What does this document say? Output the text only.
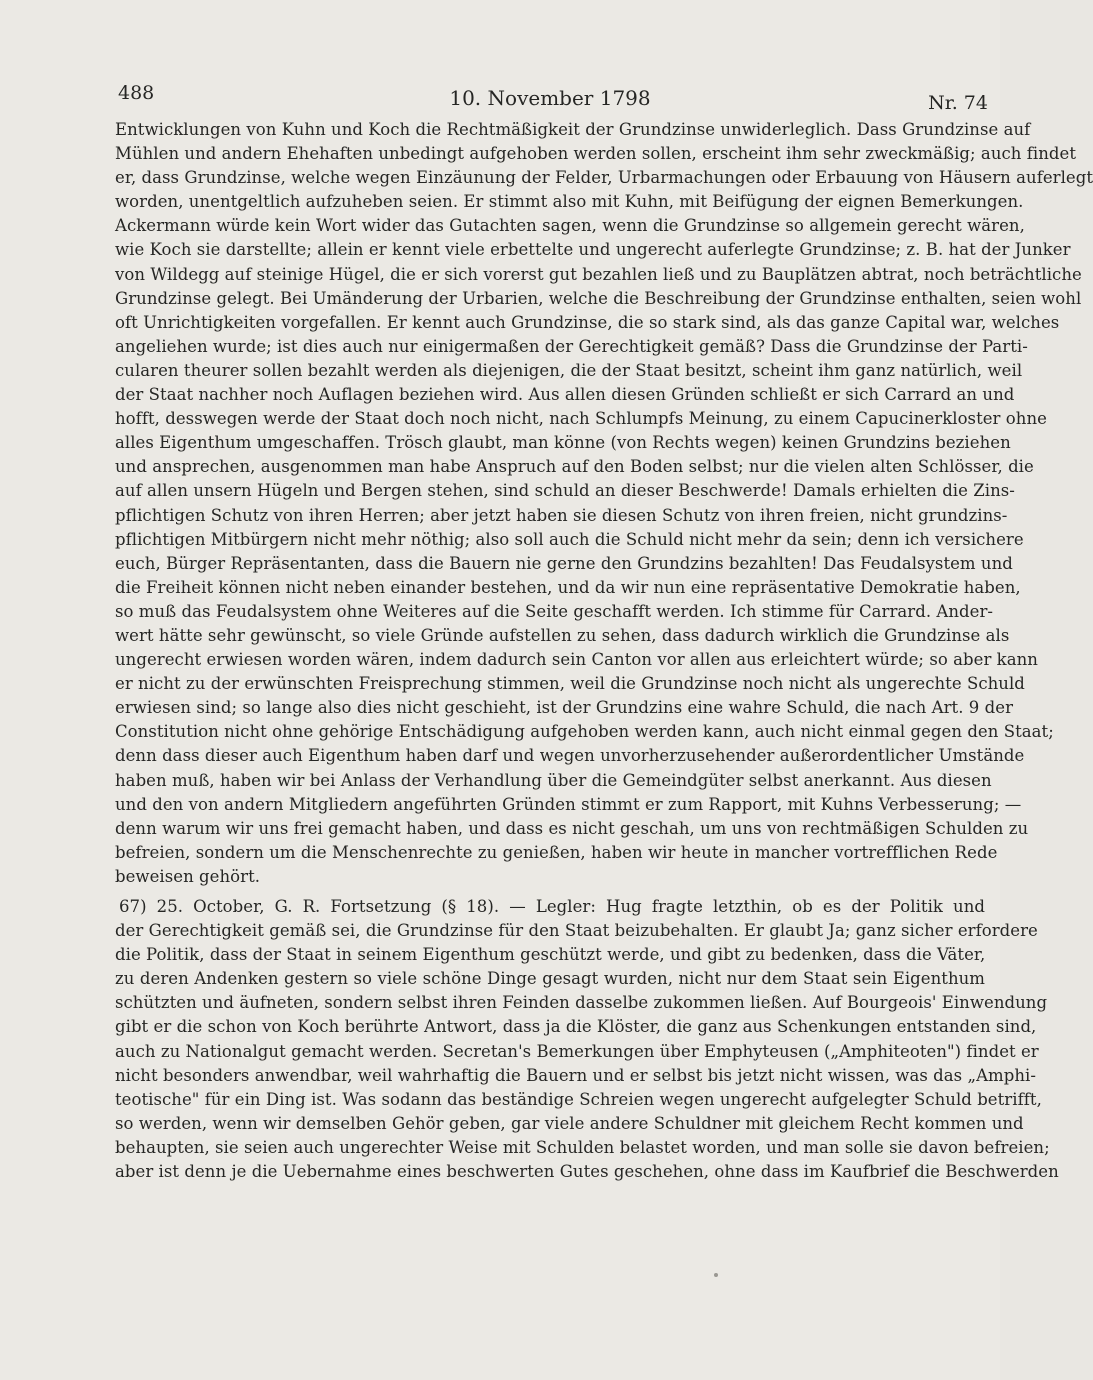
488	10. November 1798	Nr. 74
Entwicklungen von Kuhn und Koch die Rechtmäßigkeit der Grundzinse unwiderleglich. Dass Grundzinse auf
Mühlen und andern Ehehaften unbedingt aufgehoben werden sollen, erscheint ihm sehr zweckmäßig; auch findet
er, dass Grundzinse, welche wegen Einzäunung der Felder, Urbarmachungen oder Erbauung von Häusern auferlegt
worden, unentgeltlich aufzuheben seien. Er stimmt also mit Kuhn, mit Beifügung der eignen Bemerkungen.
Ackermann würde kein Wort wider das Gutachten sagen, wenn die Grundzinse so allgemein gerecht wären,
wie Koch sie darstellte; allein er kennt viele erbettelte und ungerecht auferlegte Grundzinse; z. B. hat der Junker
von Wildegg auf steinige Hügel, die er sich vorerst gut bezahlen ließ und zu Bauplätzen abtrat, noch beträchtliche
Grundzinse gelegt. Bei Umänderung der Urbarien, welche die Beschreibung der Grundzinse enthalten, seien wohl
oft Unrichtigkeiten vorgefallen. Er kennt auch Grundzinse, die so stark sind, als das ganze Capital war, welches
angeliehen wurde; ist dies auch nur einigermaßen der Gerechtigkeit gemäß? Dass die Grundzinse der Parti-
cularen theurer sollen bezahlt werden als diejenigen, die der Staat besitzt, scheint ihm ganz natürlich, weil
der Staat nachher noch Auflagen beziehen wird. Aus allen diesen Gründen schließt er sich Carrard an und
hofft, desswegen werde der Staat doch noch nicht, nach Schlumpfs Meinung, zu einem Capucinerkloster ohne
alles Eigenthum umgeschaffen. Trösch glaubt, man könne (von Rechts wegen) keinen Grundzins beziehen
und ansprechen, ausgenommen man habe Anspruch auf den Boden selbst; nur die vielen alten Schlösser, die
auf allen unsern Hügeln und Bergen stehen, sind schuld an dieser Beschwerde! Damals erhielten die Zins-
pflichtigen Schutz von ihren Herren; aber jetzt haben sie diesen Schutz von ihren freien, nicht grundzins-
pflichtigen Mitbürgern nicht mehr nöthig; also soll auch die Schuld nicht mehr da sein; denn ich versichere
euch, Bürger Repräsentanten, dass die Bauern nie gerne den Grundzins bezahlten! Das Feudalsystem und
die Freiheit können nicht neben einander bestehen, und da wir nun eine repräsentative Demokratie haben,
so muß das Feudalsystem ohne Weiteres auf die Seite geschafft werden. Ich stimme für Carrard. Ander-
wert hätte sehr gewünscht, so viele Gründe aufstellen zu sehen, dass dadurch wirklich die Grundzinse als
ungerecht erwiesen worden wären, indem dadurch sein Canton vor allen aus erleichtert würde; so aber kann
er nicht zu der erwünschten Freisprechung stimmen, weil die Grundzinse noch nicht als ungerechte Schuld
erwiesen sind; so lange also dies nicht geschieht, ist der Grundzins eine wahre Schuld, die nach Art. 9 der
Constitution nicht ohne gehörige Entschädigung aufgehoben werden kann, auch nicht einmal gegen den Staat;
denn dass dieser auch Eigenthum haben darf und wegen unvorherzusehender außerordentlicher Umstände
haben muß, haben wir bei Anlass der Verhandlung über die Gemeindgüter selbst anerkannt. Aus diesen
und den von andern Mitgliedern angeführten Gründen stimmt er zum Rapport, mit Kuhns Verbesserung; —
denn warum wir uns frei gemacht haben, und dass es nicht geschah, um uns von rechtmäßigen Schulden zu
befreien, sondern um die Menschenrechte zu genießen, haben wir heute in mancher vortrefflichen Rede
beweisen gehört.
67) 25. October, G. R. Fortsetzung (§ 18). — Legler: Hug fragte letzthin, ob es der Politik und
der Gerechtigkeit gemäß sei, die Grundzinse für den Staat beizubehalten. Er glaubt Ja; ganz sicher erfordere
die Politik, dass der Staat in seinem Eigenthum geschützt werde, und gibt zu bedenken, dass die Väter,
zu deren Andenken gestern so viele schöne Dinge gesagt wurden, nicht nur dem Staat sein Eigenthum
schützten und äufneten, sondern selbst ihren Feinden dasselbe zukommen ließen. Auf Bourgeois' Einwendung
gibt er die schon von Koch berührte Antwort, dass ja die Klöster, die ganz aus Schenkungen entstanden sind,
auch zu Nationalgut gemacht werden. Secretan's Bemerkungen über Emphyteusen („Amphiteoten") findet er
nicht besonders anwendbar, weil wahrhaftig die Bauern und er selbst bis jetzt nicht wissen, was das „Amphi-
teotische" für ein Ding ist. Was sodann das beständige Schreien wegen ungerecht aufgelegter Schuld betrifft,
so werden, wenn wir demselben Gehör geben, gar viele andere Schuldner mit gleichem Recht kommen und
behaupten, sie seien auch ungerechter Weise mit Schulden belastet worden, und man solle sie davon befreien;
aber ist denn je die Uebernahme eines beschwerten Gutes geschehen, ohne dass im Kaufbrief die Beschwerden
